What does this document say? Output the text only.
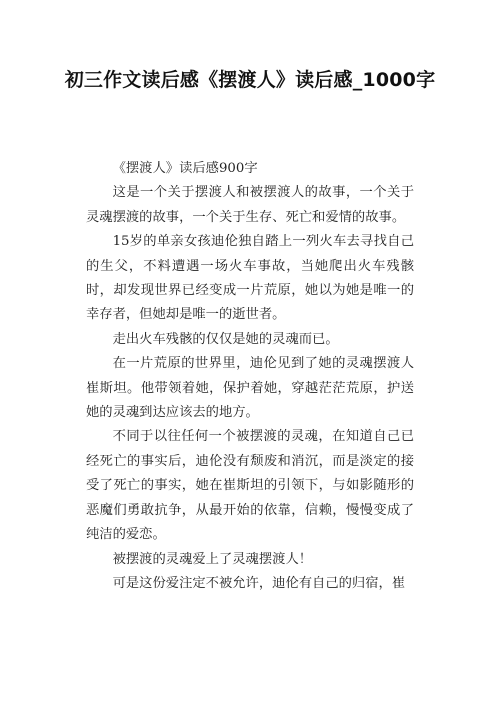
初三作文读后感《摆渡人》读后感_1000字

《摆渡人》读后感900字

这是一个关于摆渡人和被摆渡人的故事，一个关于灵魂摆渡的故事，一个关于生存、死亡和爱情的故事。

15岁的单亲女孩迪伦独自踏上一列火车去寻找自己的生父，不料遭遇一场火车事故，当她爬出火车残骸时，却发现世界已经变成一片荒原，她以为她是唯一的幸存者，但她却是唯一的逝世者。

走出火车残骸的仅仅是她的灵魂而已。

在一片荒原的世界里，迪伦见到了她的灵魂摆渡人崔斯坦。他带领着她，保护着她，穿越茫茫荒原，护送她的灵魂到达应该去的地方。

不同于以往任何一个被摆渡的灵魂，在知道自己已经死亡的事实后，迪伦没有颓废和消沉，而是淡定的接受了死亡的事实，她在崔斯坦的引领下，与如影随形的恶魔们勇敢抗争，从最开始的依靠，信赖，慢慢变成了纯洁的爱恋。

被摆渡的灵魂爱上了灵魂摆渡人！

可是这份爱注定不被允许，迪伦有自己的归宿，崔
